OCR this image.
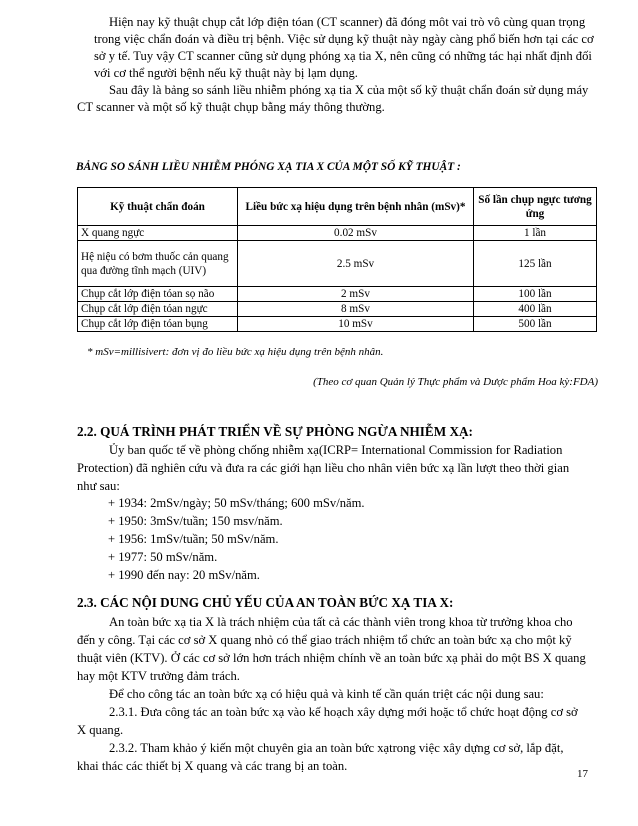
Hiện nay kỹ thuật chụp cắt lớp điện tóan (CT scanner) đã đóng môt vai trò vô cùng quan trọng

trong việc chẩn đoán và điều trị bệnh. Việc sử dụng kỹ thuật này ngày càng phổ biến hơn tại các cơ

sở y tế. Tuy vậy CT scanner cũng sử dụng phóng xạ tia X, nên cũng có những tác hại nhất định đối

với cơ thể người bệnh nếu kỹ thuật này bị lạm dụng.

Sau đây là bảng so sánh liều nhiễm phóng xạ tia X của một số kỹ thuật chẩn đoán sử dụng máy

CT scanner và một số kỹ thuật chụp bằng máy thông thường.

BẢNG SO SÁNH LIỀU NHIỄM PHÓNG XẠ TIA X CỦA MỘT SỐ KỸ THUẬT :
Kỹ thuật chẩn đoán	Liều bức xạ hiệu dụng trên bệnh nhân (mSv)*	Số lần chụp ngực tương ứng
X quang ngực	0.02 mSv	1 lần
Hệ niệu có bơm thuốc cản quang qua đường tĩnh mạch (UIV)	2.5 mSv	125 lần
Chụp cắt lớp điện tóan sọ não	2 mSv	100 lần
Chụp cắt lớp điện tóan ngực	8 mSv	400 lần
Chụp cắt lớp điện tóan bụng	10 mSv	500 lần
* mSv=millisivert: đơn vị đo liều bức xạ hiệu dụng trên bệnh nhân.
(Theo cơ quan Quản lý Thực phẩm và Dược phẩm Hoa kỳ:FDA)
2.2. QUÁ TRÌNH PHÁT TRIỂN VỀ SỰ PHÒNG NGỪA NHIỄM XẠ:

Ủy ban quốc tế về phòng chống nhiễm xạ(ICRP= International Commission for Radiation

Protection) đã nghiên cứu và đưa ra các giới hạn liều cho nhân viên bức xạ lần lượt theo thời gian

như sau:

+ 1934: 2mSv/ngày; 50 mSv/tháng; 600 mSv/năm.
+ 1950: 3mSv/tuần; 150 msv/năm.
+ 1956: 1mSv/tuần; 50 mSv/năm.
+ 1977: 50 mSv/năm.
+ 1990 đến nay: 20 mSv/năm.
2.3. CÁC NỘI DUNG CHỦ YẾU CỦA AN TOÀN BỨC XẠ TIA X:

An toàn bức xạ tia X là trách nhiệm của tất cả các thành viên trong khoa từ trưởng khoa cho

đến y công. Tại các cơ sở X quang nhỏ có thể giao trách nhiệm tổ chức an toàn bức xạ cho một kỹ

thuật viên (KTV). Ở các cơ sở lớn hơn trách nhiệm chính về an toàn bức xạ phải do một BS X quang

hay một KTV trưởng đảm trách.

Để cho công tác an toàn bức xạ có hiệu quả và kinh tế cần quán triệt các nội dung sau:

2.3.1. Đưa công tác an toàn bức xạ vào kế hoạch xây dựng mới hoặc tổ chức hoạt động cơ sở

X quang.

2.3.2. Tham khảo ý kiến một chuyên gia an toàn bức xạtrong việc xây dựng cơ sở, lắp đặt,

khai thác các thiết bị X quang và các trang bị an toàn.

17
